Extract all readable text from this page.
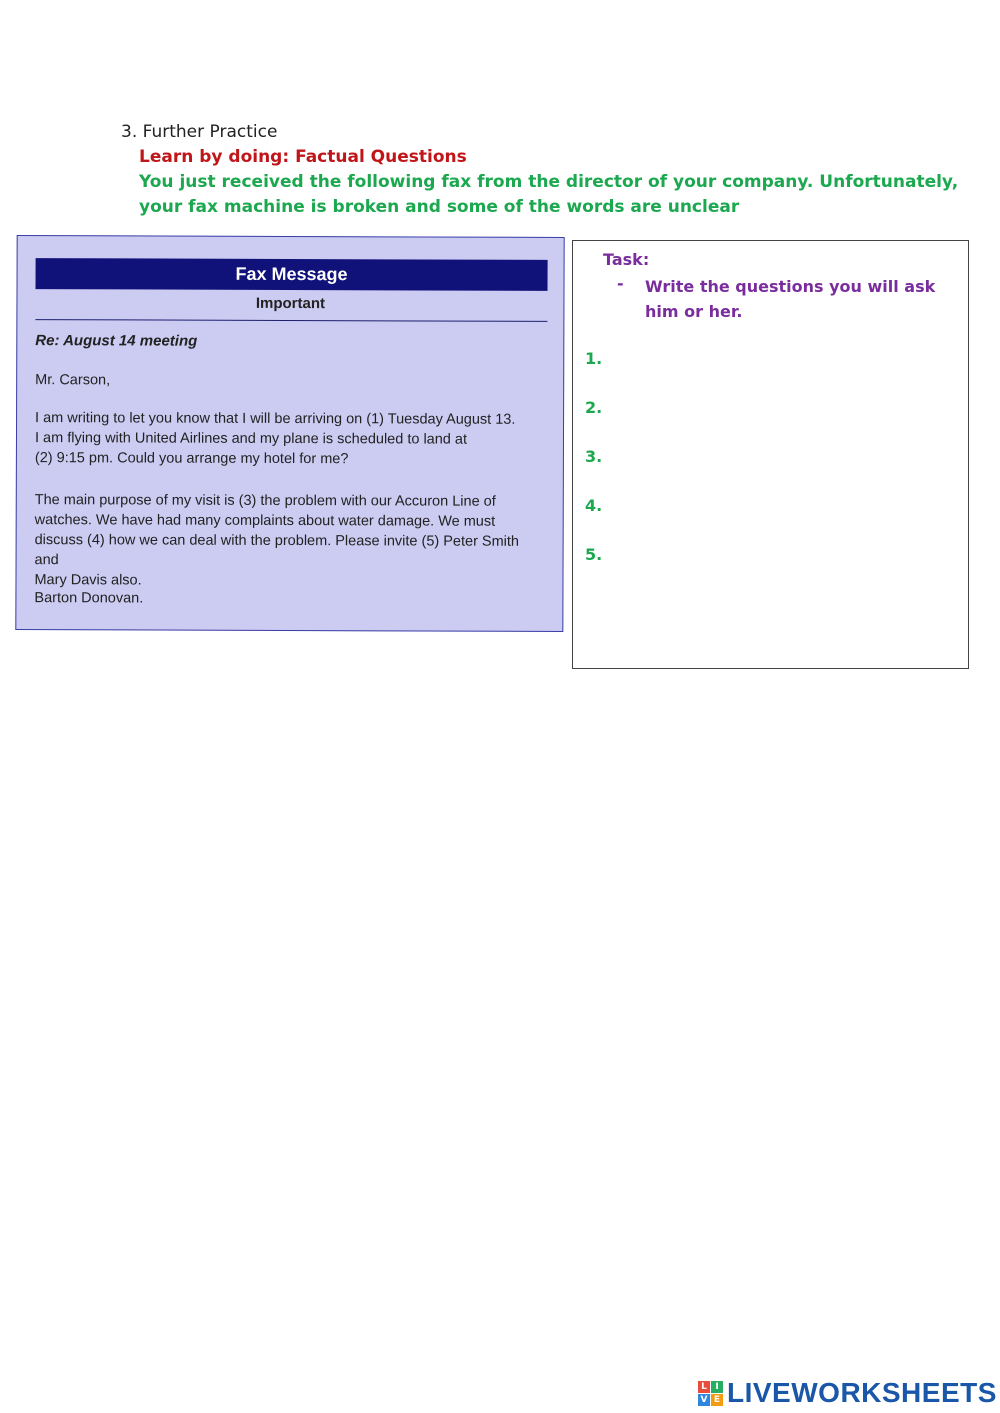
3. Further Practice
Learn by doing: Factual Questions
You just received the following fax from the director of your company. Unfortunately,
your fax machine is broken and some of the words are unclear
Fax Message
Important
Re: August 14 meeting
Mr. Carson,
I am writing to let you know that I will be arriving on (1) Tuesday August 13.
I am flying with United Airlines and my plane is scheduled to land at
(2) 9:15 pm. Could you arrange my hotel for me?
The main purpose of my visit is (3) the problem with our Accuron Line of
watches. We have had many complaints about water damage. We must
discuss (4) how we can deal with the problem. Please invite (5) Peter Smith and
Mary Davis also.
Barton Donovan.
Task:
- Write the questions you will ask him or her.
1.
2.
3.
4.
5.
L I
V E LIVEWORKSHEETS
